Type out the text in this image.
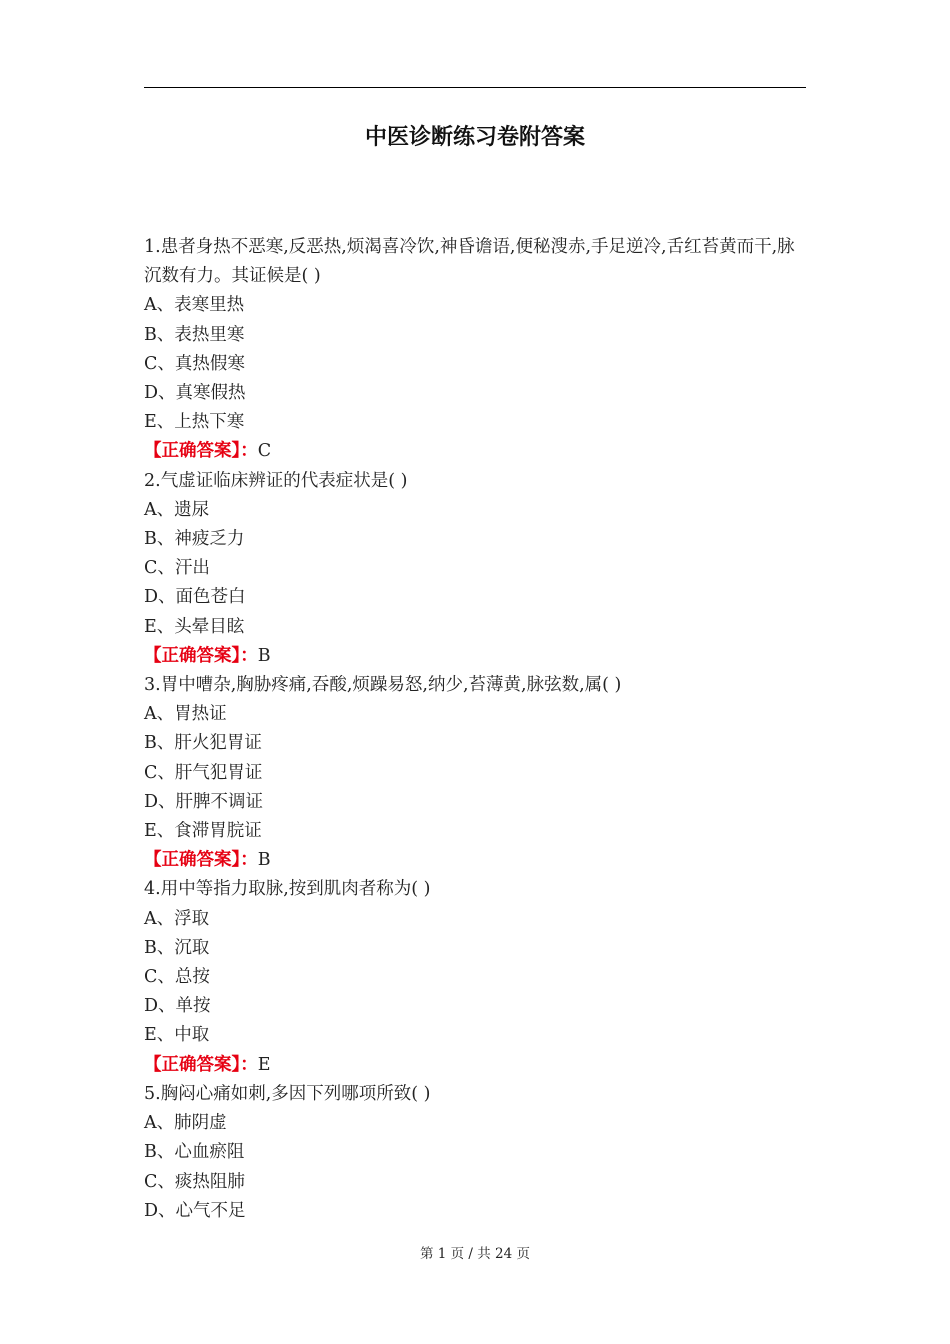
中医诊断练习卷附答案

1.患者身热不恶寒,反恶热,烦渴喜冷饮,神昏谵语,便秘溲赤,手足逆冷,舌红苔黄而干,脉沉数有力。其证候是( )

A、表寒里热

B、表热里寒

C、真热假寒

D、真寒假热

E、上热下寒

【正确答案】：C

2.气虚证临床辨证的代表症状是( )

A、遗尿

B、神疲乏力

C、汗出

D、面色苍白

E、头晕目眩

【正确答案】：B

3.胃中嘈杂,胸胁疼痛,吞酸,烦躁易怒,纳少,苔薄黄,脉弦数,属( )

A、胃热证

B、肝火犯胃证

C、肝气犯胃证

D、肝脾不调证

E、食滞胃脘证

【正确答案】：B

4.用中等指力取脉,按到肌肉者称为( )

A、浮取

B、沉取

C、总按

D、单按

E、中取

【正确答案】：E

5.胸闷心痛如刺,多因下列哪项所致( )

A、肺阴虚

B、心血瘀阻

C、痰热阻肺

D、心气不足

第 1 页 / 共 24 页
